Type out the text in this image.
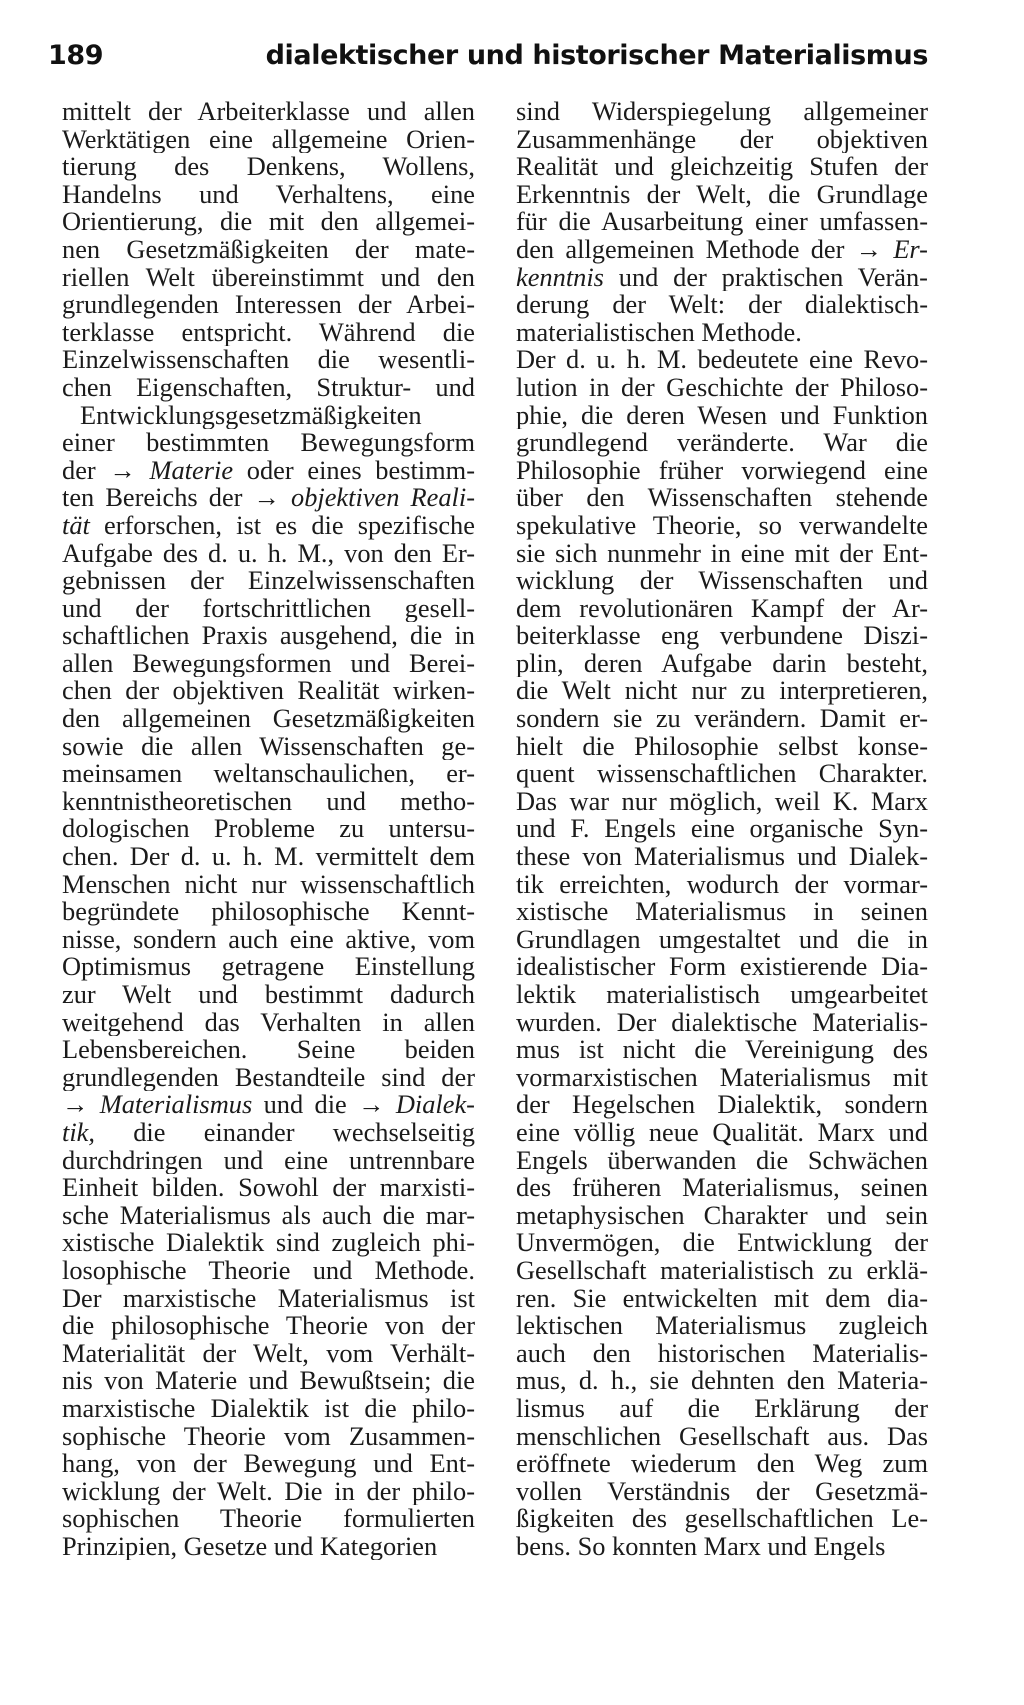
189	dialektischer und historischer Materialismus
mittelt der Arbeiterklasse und allen
Werktätigen eine allgemeine Orien-
tierung des Denkens, Wollens,
Handelns und Verhaltens, eine
Orientierung, die mit den allgemei-
nen Gesetzmäßigkeiten der mate-
riellen Welt übereinstimmt und den
grundlegenden Interessen der Arbei-
terklasse entspricht. Während die
Einzelwissenschaften die wesentli-
chen Eigenschaften, Struktur- und
Entwicklungsgesetzmäßigkeiten
einer bestimmten Bewegungsform
der → Materie oder eines bestimm-
ten Bereichs der → objektiven Reali-
tät erforschen, ist es die spezifische
Aufgabe des d. u. h. M., von den Er-
gebnissen der Einzelwissenschaften
und der fortschrittlichen gesell-
schaftlichen Praxis ausgehend, die in
allen Bewegungsformen und Berei-
chen der objektiven Realität wirken-
den allgemeinen Gesetzmäßigkeiten
sowie die allen Wissenschaften ge-
meinsamen weltanschaulichen, er-
kenntnistheoretischen und metho-
dologischen Probleme zu untersu-
chen. Der d. u. h. M. vermittelt dem
Menschen nicht nur wissenschaftlich
begründete philosophische Kennt-
nisse, sondern auch eine aktive, vom
Optimismus getragene Einstellung
zur Welt und bestimmt dadurch
weitgehend das Verhalten in allen
Lebensbereichen. Seine beiden
grundlegenden Bestandteile sind der
→ Materialismus und die → Dialek-
tik, die einander wechselseitig
durchdringen und eine untrennbare
Einheit bilden. Sowohl der marxisti-
sche Materialismus als auch die mar-
xistische Dialektik sind zugleich phi-
losophische Theorie und Methode.
Der marxistische Materialismus ist
die philosophische Theorie von der
Materialität der Welt, vom Verhält-
nis von Materie und Bewußtsein; die
marxistische Dialektik ist die philo-
sophische Theorie vom Zusammen-
hang, von der Bewegung und Ent-
wicklung der Welt. Die in der philo-
sophischen Theorie formulierten
Prinzipien, Gesetze und Kategorien
sind Widerspiegelung allgemeiner
Zusammenhänge der objektiven
Realität und gleichzeitig Stufen der
Erkenntnis der Welt, die Grundlage
für die Ausarbeitung einer umfassen-
den allgemeinen Methode der → Er-
kenntnis und der praktischen Verän-
derung der Welt: der dialektisch-
materialistischen Methode.
Der d. u. h. M. bedeutete eine Revo-
lution in der Geschichte der Philoso-
phie, die deren Wesen und Funktion
grundlegend veränderte. War die
Philosophie früher vorwiegend eine
über den Wissenschaften stehende
spekulative Theorie, so verwandelte
sie sich nunmehr in eine mit der Ent-
wicklung der Wissenschaften und
dem revolutionären Kampf der Ar-
beiterklasse eng verbundene Diszi-
plin, deren Aufgabe darin besteht,
die Welt nicht nur zu interpretieren,
sondern sie zu verändern. Damit er-
hielt die Philosophie selbst konse-
quent wissenschaftlichen Charakter.
Das war nur möglich, weil K. Marx
und F. Engels eine organische Syn-
these von Materialismus und Dialek-
tik erreichten, wodurch der vormar-
xistische Materialismus in seinen
Grundlagen umgestaltet und die in
idealistischer Form existierende Dia-
lektik materialistisch umgearbeitet
wurden. Der dialektische Materialis-
mus ist nicht die Vereinigung des
vormarxistischen Materialismus mit
der Hegelschen Dialektik, sondern
eine völlig neue Qualität. Marx und
Engels überwanden die Schwächen
des früheren Materialismus, seinen
metaphysischen Charakter und sein
Unvermögen, die Entwicklung der
Gesellschaft materialistisch zu erklä-
ren. Sie entwickelten mit dem dia-
lektischen Materialismus zugleich
auch den historischen Materialis-
mus, d. h., sie dehnten den Materia-
lismus auf die Erklärung der
menschlichen Gesellschaft aus. Das
eröffnete wiederum den Weg zum
vollen Verständnis der Gesetzmä-
ßigkeiten des gesellschaftlichen Le-
bens. So konnten Marx und Engels
